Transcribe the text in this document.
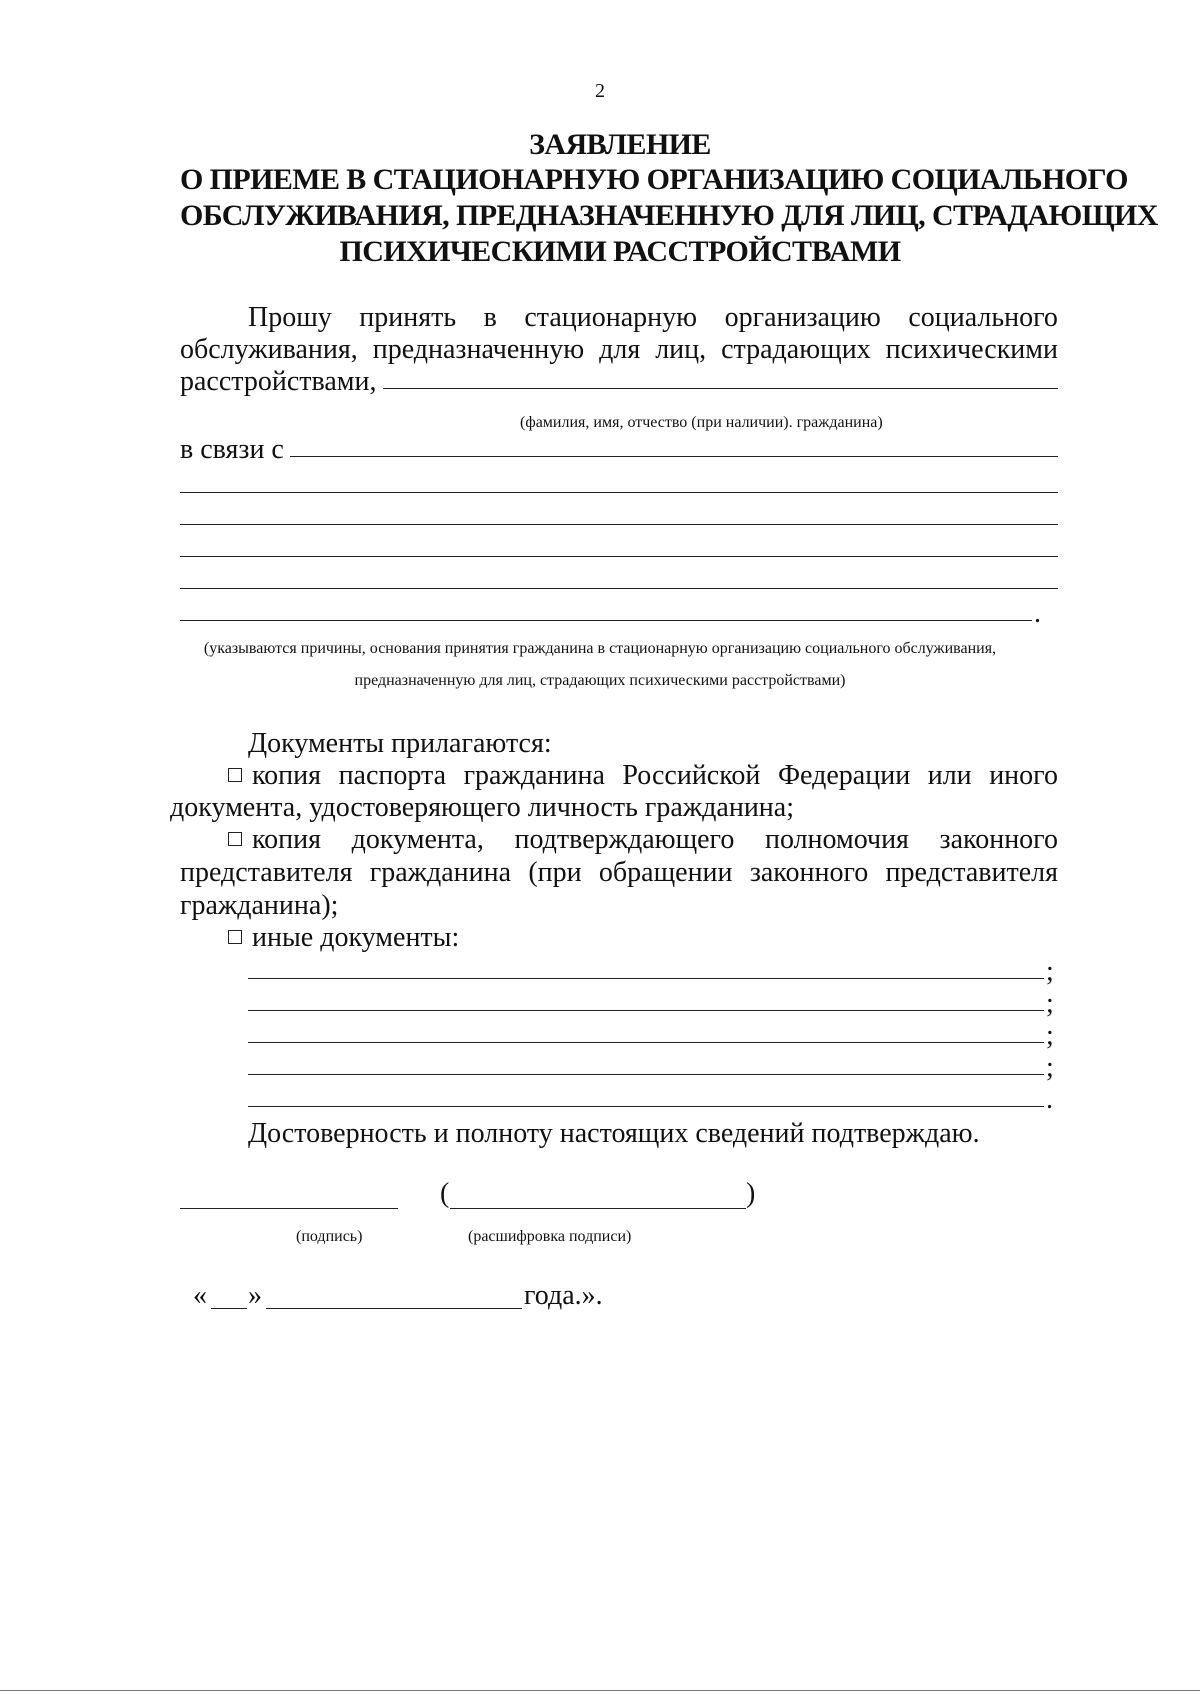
2
ЗАЯВЛЕНИЕ
О ПРИЕМЕ В СТАЦИОНАРНУЮ ОРГАНИЗАЦИЮ СОЦИАЛЬНОГО
ОБСЛУЖИВАНИЯ, ПРЕДНАЗНАЧЕННУЮ ДЛЯ ЛИЦ, СТРАДАЮЩИХ
ПСИХИЧЕСКИМИ РАССТРОЙСТВАМИ
Прошу принять в стационарную организацию социального
обслуживания, предназначенную для лиц, страдающих психическими
расстройствами,
(фамилия, имя, отчество (при наличии). гражданина)
в связи с
.
(указываются причины, основания принятия гражданина в стационарную организацию социального обслуживания,
предназначенную для лиц, страдающих психическими расстройствами)
Документы прилагаются:
копия паспорта гражданина Российской Федерации или иного
документа, удостоверяющего личность гражданина;
копия документа, подтверждающего полномочия законного
представителя гражданина (при обращении законного представителя
гражданина);
иные документы:
;
;
;
;
.
Достоверность и полноту настоящих сведений подтверждаю.
(	)
(подпись)	(расшифровка подписи)
« »	года.».
